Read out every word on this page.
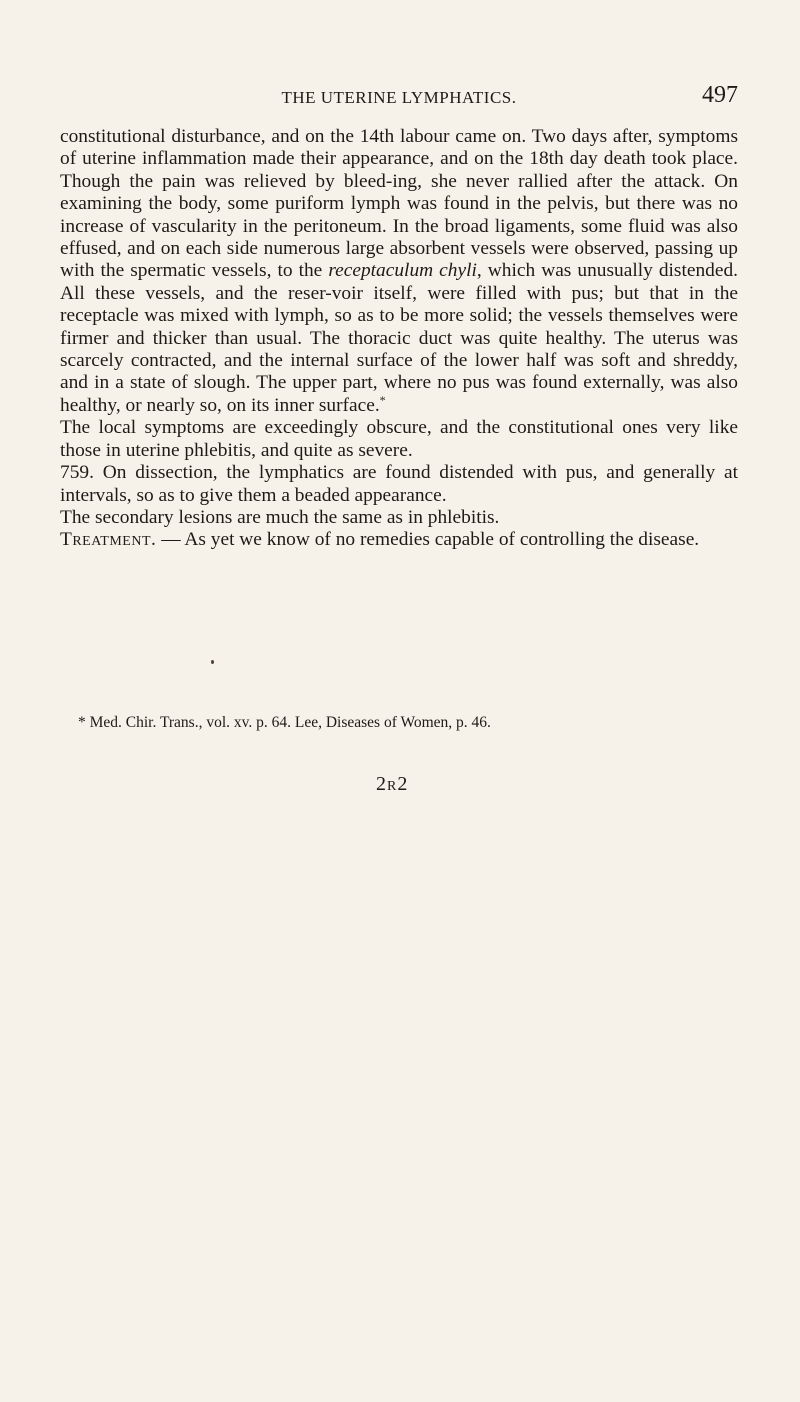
THE UTERINE LYMPHATICS.	497

constitutional disturbance, and on the 14th labour came on. Two days after, symptoms of uterine inflammation made their appearance, and on the 18th day death took place. Though the pain was relieved by bleed-ing, she never rallied after the attack. On examining the body, some puriform lymph was found in the pelvis, but there was no increase of vascularity in the peritoneum. In the broad ligaments, some fluid was also effused, and on each side numerous large absorbent vessels were observed, passing up with the spermatic vessels, to the receptaculum chyli, which was unusually distended. All these vessels, and the reser-voir itself, were filled with pus; but that in the receptacle was mixed with lymph, so as to be more solid; the vessels themselves were firmer and thicker than usual. The thoracic duct was quite healthy. The uterus was scarcely contracted, and the internal surface of the lower half was soft and shreddy, and in a state of slough. The upper part, where no pus was found externally, was also healthy, or nearly so, on its inner surface.*

The local symptoms are exceedingly obscure, and the constitutional ones very like those in uterine phlebitis, and quite as severe.

759. On dissection, the lymphatics are found distended with pus, and generally at intervals, so as to give them a beaded appearance.

The secondary lesions are much the same as in phlebitis.

Treatment. — As yet we know of no remedies capable of controlling the disease.

* Med. Chir. Trans., vol. xv. p. 64. Lee, Diseases of Women, p. 46.
2R2
